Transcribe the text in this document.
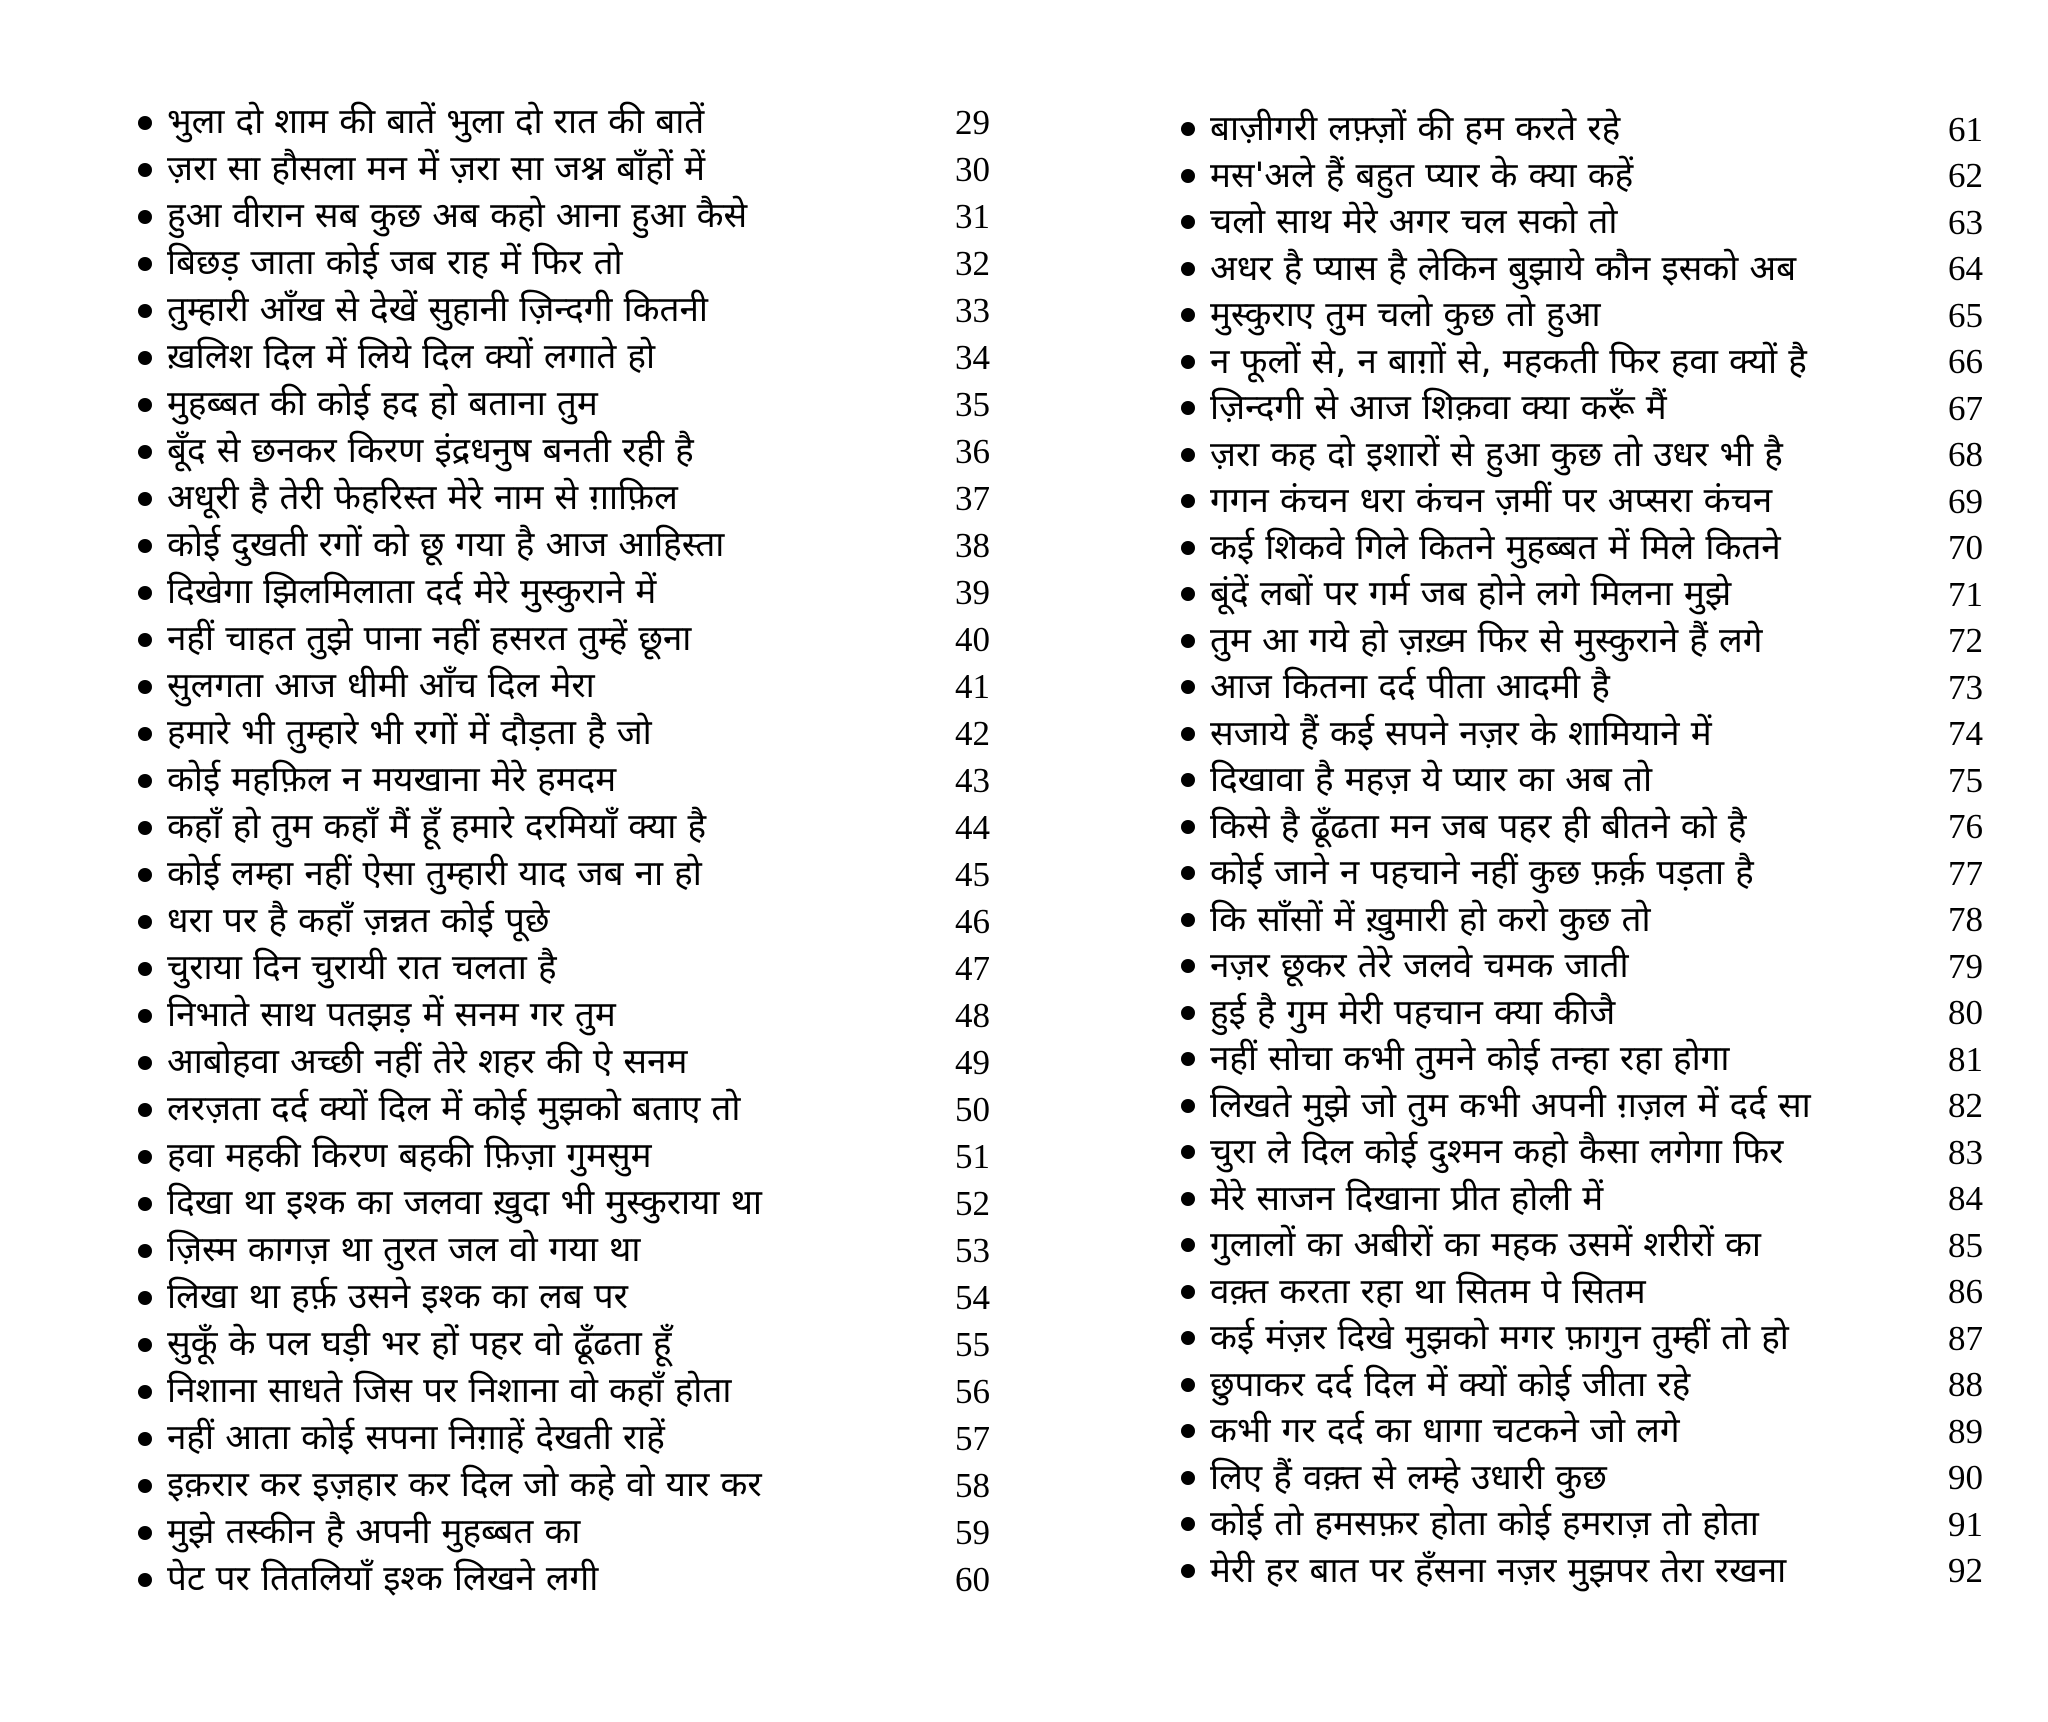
भुला दो शाम की बातें भुला दो रात की बातें	29
ज़रा सा हौसला मन में ज़रा सा जश्न बाँहों में	30
हुआ वीरान सब कुछ अब कहो आना हुआ कैसे	31
बिछड़ जाता कोई जब राह में फिर तो	32
तुम्हारी आँख से देखें सुहानी ज़िन्दगी कितनी	33
ख़लिश दिल में लिये दिल क्यों लगाते हो	34
मुहब्बत की कोई हद हो बताना तुम	35
बूँद से छनकर किरण इंद्रधनुष बनती रही है	36
अधूरी है तेरी फेहरिस्त मेरे नाम से ग़ाफ़िल	37
कोई दुखती रगों को छू गया है आज आहिस्ता	38
दिखेगा झिलमिलाता दर्द मेरे मुस्कुराने में	39
नहीं चाहत तुझे पाना नहीं हसरत तुम्हें छूना	40
सुलगता आज धीमी आँच दिल मेरा	41
हमारे भी तुम्हारे भी रगों में दौड़ता है जो	42
कोई महफ़िल न मयखाना मेरे हमदम	43
कहाँ हो तुम कहाँ मैं हूँ हमारे दरमियाँ क्या है	44
कोई लम्हा नहीं ऐसा तुम्हारी याद जब ना हो	45
धरा पर है कहाँ ज़न्नत कोई पूछे	46
चुराया दिन चुरायी रात चलता है	47
निभाते साथ पतझड़ में सनम गर तुम	48
आबोहवा अच्छी नहीं तेरे शहर की ऐ सनम	49
लरज़ता दर्द क्यों दिल में कोई मुझको बताए तो	50
हवा महकी किरण बहकी फ़िज़ा गुमसुम	51
दिखा था इश्क का जलवा ख़ुदा भी मुस्कुराया था	52
ज़िस्म कागज़ था तुरत जल वो गया था	53
लिखा था हर्फ़ उसने इश्क का लब पर	54
सुकूँ के पल घड़ी भर हों पहर वो ढूँढता हूँ	55
निशाना साधते जिस पर निशाना वो कहाँ होता	56
नहीं आता कोई सपना निग़ाहें देखती राहें	57
इक़रार कर इज़हार कर दिल जो कहे वो यार कर	58
मुझे तस्कीन है अपनी मुहब्बत का	59
पेट पर तितलियाँ इश्क लिखने लगी	60
बाज़ीगरी लफ़्ज़ों की हम करते रहे	61
मस'अले हैं बहुत प्यार के क्या कहें	62
चलो साथ मेरे अगर चल सको तो	63
अधर है प्यास है लेकिन बुझाये कौन इसको अब	64
मुस्कुराए तुम चलो कुछ तो हुआ	65
न फूलों से, न बाग़ों से, महकती फिर हवा क्यों है	66
ज़िन्दगी से आज शिक़वा क्या करूँ मैं	67
ज़रा कह दो इशारों से हुआ कुछ तो उधर भी है	68
गगन कंचन धरा कंचन ज़मीं पर अप्सरा कंचन	69
कई शिकवे गिले कितने मुहब्बत में मिले कितने	70
बूंदें लबों पर गर्म जब होने लगे मिलना मुझे	71
तुम आ गये हो ज़ख़्म फिर से मुस्कुराने हैं लगे	72
आज कितना दर्द पीता आदमी है	73
सजाये हैं कई सपने नज़र के शामियाने में	74
दिखावा है महज़ ये प्यार का अब तो	75
किसे है ढूँढता मन जब पहर ही बीतने को है	76
कोई जाने न पहचाने नहीं कुछ फ़र्क़ पड़ता है	77
कि साँसों में ख़ुमारी हो करो कुछ तो	78
नज़र छूकर तेरे जलवे चमक जाती	79
हुई है गुम मेरी पहचान क्या कीजै	80
नहीं सोचा कभी तुमने कोई तन्हा रहा होगा	81
लिखते मुझे जो तुम कभी अपनी ग़ज़ल में दर्द सा	82
चुरा ले दिल कोई दुश्मन कहो कैसा लगेगा फिर	83
मेरे साजन दिखाना प्रीत होली में	84
गुलालों का अबीरों का महक उसमें शरीरों का	85
वक़्त करता रहा था सितम पे सितम	86
कई मंज़र दिखे मुझको मगर फ़ागुन तुम्हीं तो हो	87
छुपाकर दर्द दिल में क्यों कोई जीता रहे	88
कभी गर दर्द का धागा चटकने जो लगे	89
लिए हैं वक़्त से लम्हे उधारी कुछ	90
कोई तो हमसफ़र होता कोई हमराज़ तो होता	91
मेरी हर बात पर हँसना नज़र मुझपर तेरा रखना	92
